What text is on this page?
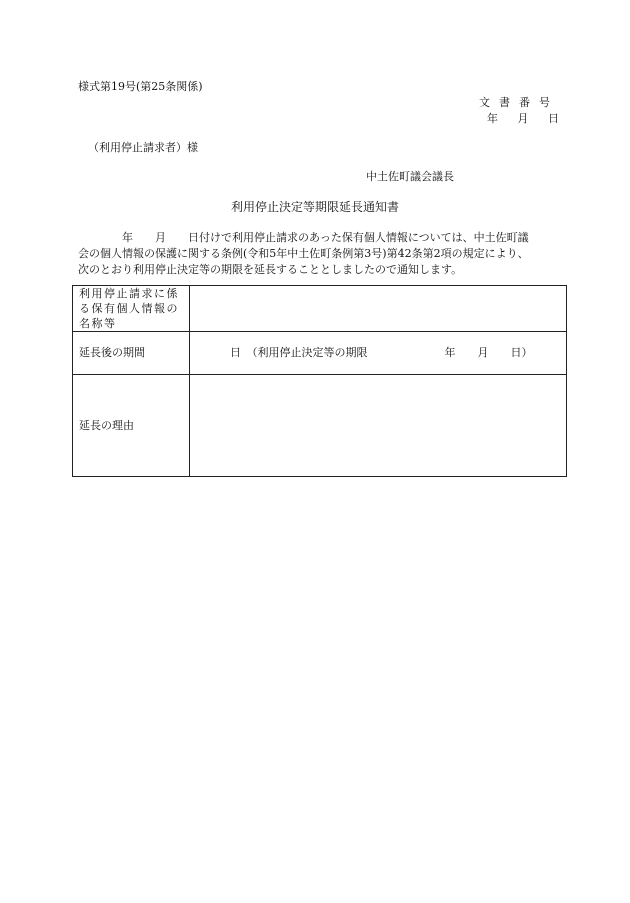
様式第19号(第25条関係)
文書番号
年 月 日
（利用停止請求者）様
中土佐町議会議長
利用停止決定等期限延長通知書
　　　　年　　月　　日付けで利用停止請求のあった保有個人情報については、中土佐町議
会の個人情報の保護に関する条例(令和5年中土佐町条例第3号)第42条第2項の規定により、
次のとおり利用停止決定等の期限を延長することとしましたので通知します。
利用停止請求に係る保有個人情報の名称等	

延長後の期間	日　（利用停止決定等の期限　　　　　　　年　　月　　日）

延長の理由	
